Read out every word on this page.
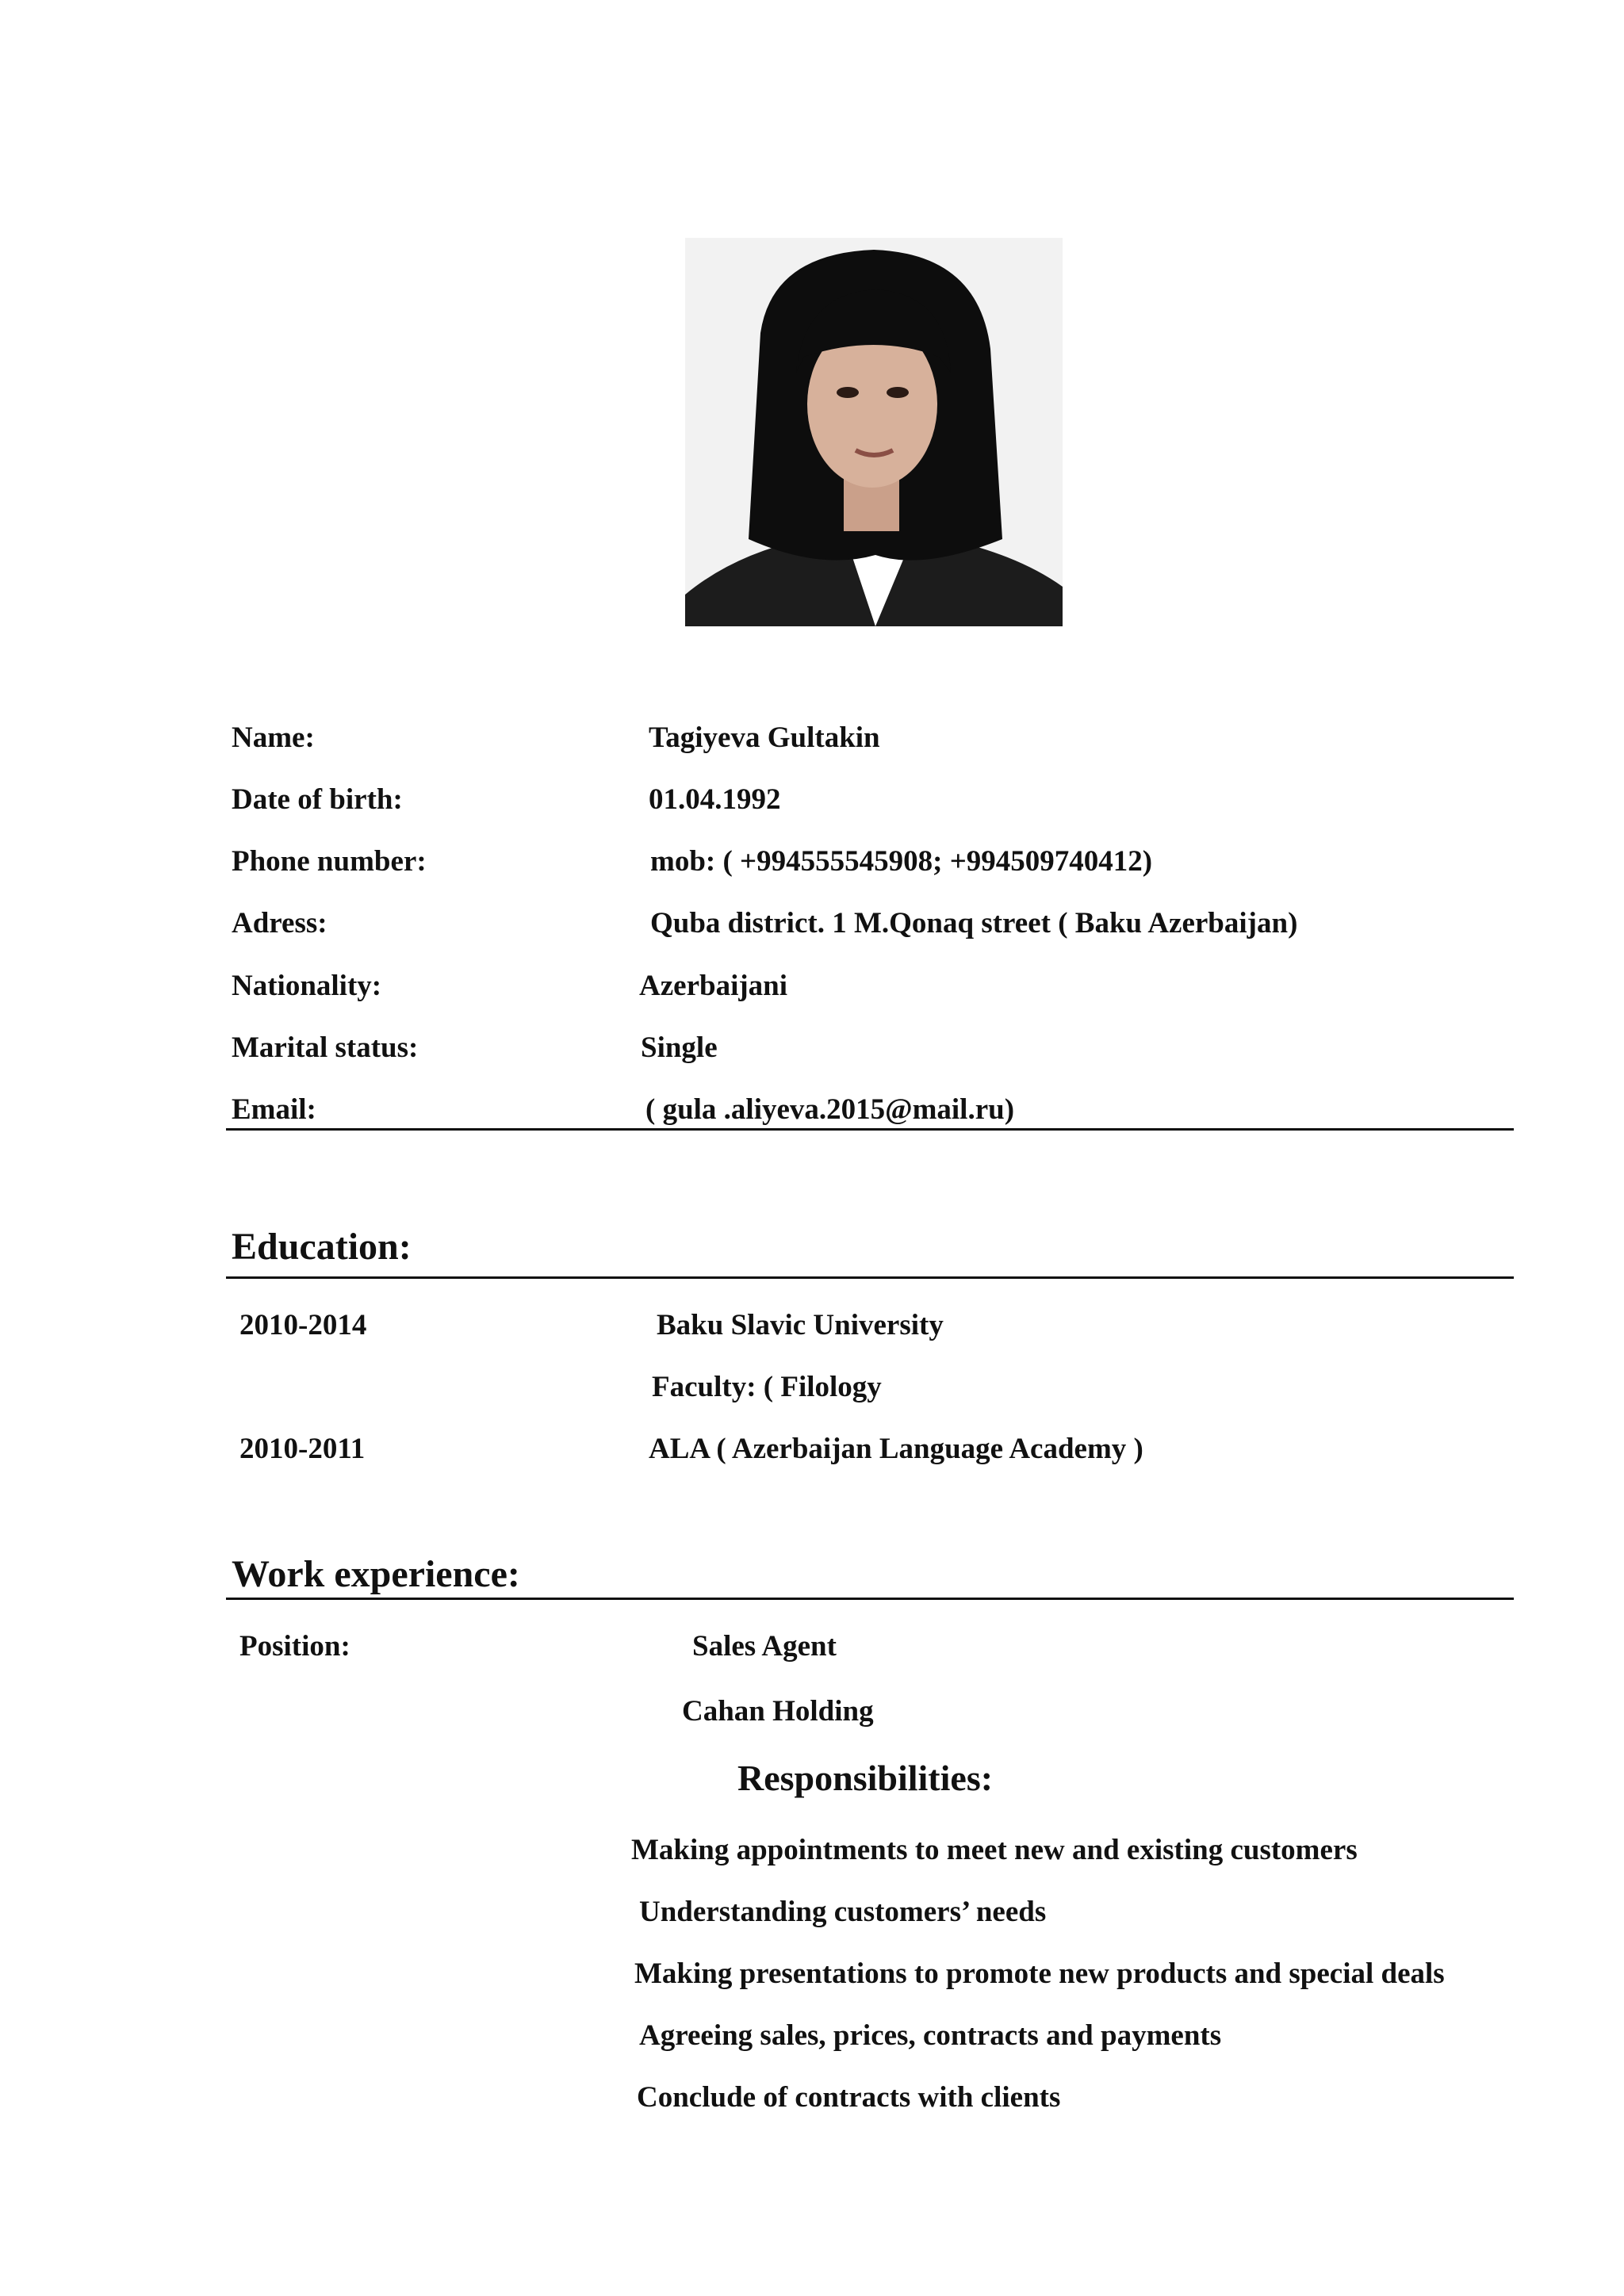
Name:	Tagiyeva Gultakin
Date of birth:	01.04.1992
Phone number:	mob: ( +994555545908; +994509740412)
Adress:	Quba district. 1 M.Qonaq street ( Baku Azerbaijan)
Nationality:	Azerbaijani
Marital status:	Single
Email:	( gula .aliyeva.2015@mail.ru)
Education:
2010-2014	Baku Slavic University
Faculty: ( Filology
2010-2011	ALA ( Azerbaijan Language Academy )
Work experience:
Position:	Sales Agent
Cahan Holding
Responsibilities:
Making appointments to meet new and existing customers
Understanding customers’ needs
Making presentations to promote new products and special deals
Agreeing sales, prices, contracts and payments
Conclude of contracts with clients
